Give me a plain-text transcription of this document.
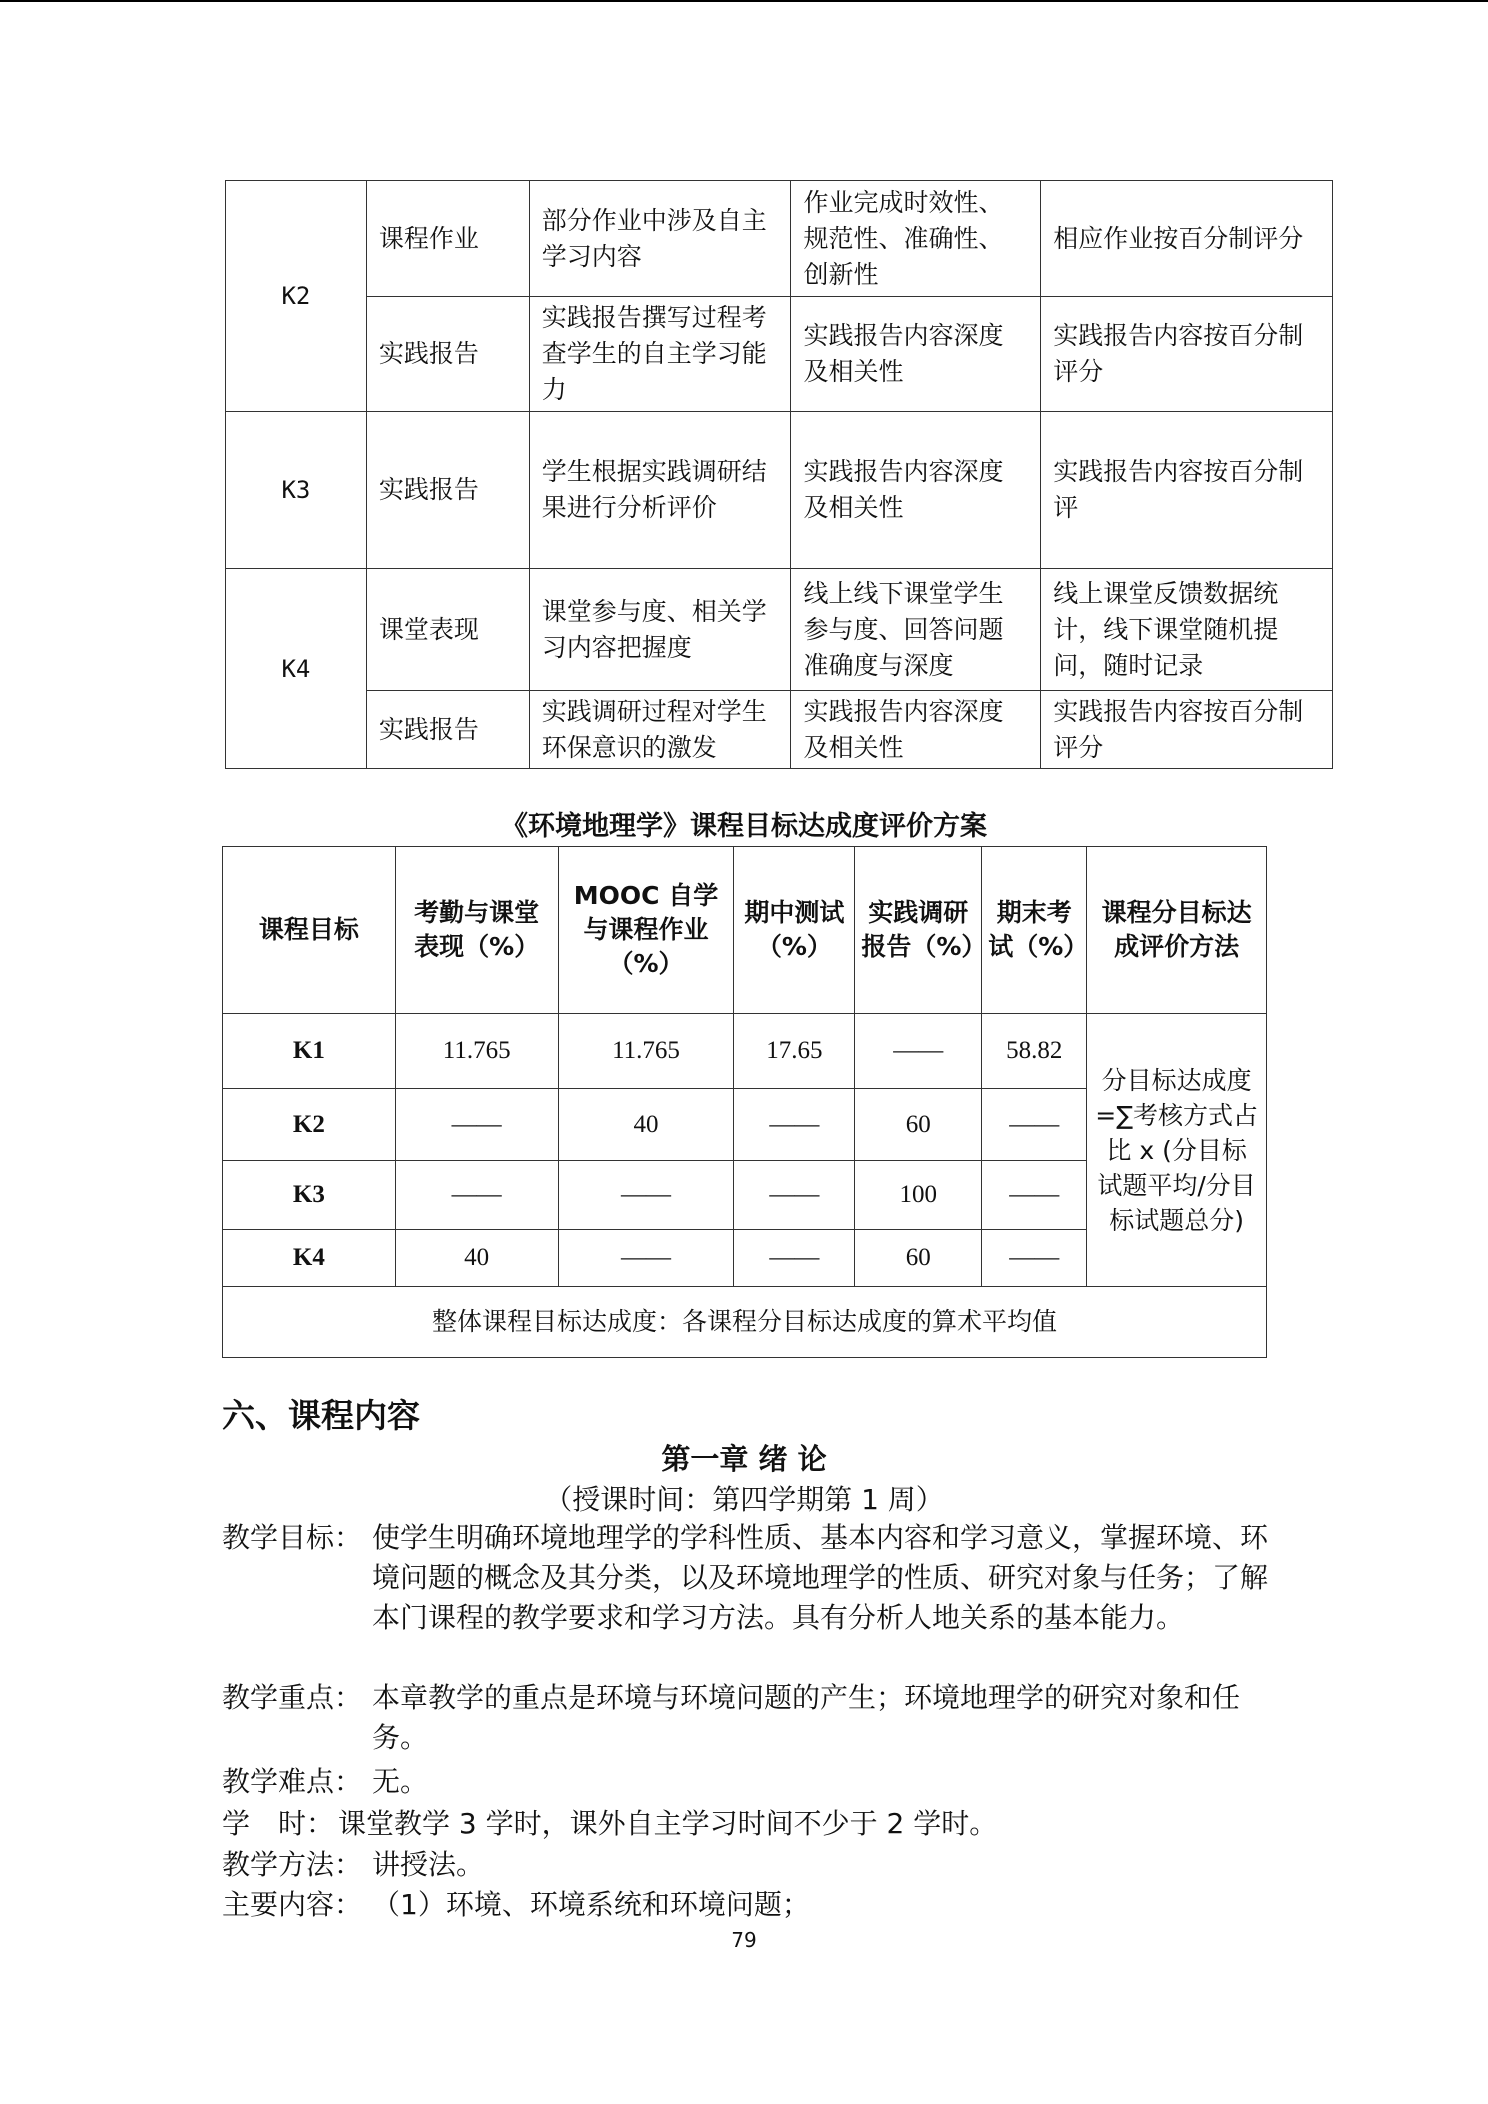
K2	课程作业	部分作业中涉及自主学习内容	作业完成时效性、规范性、准确性、创新性	相应作业按百分制评分
	实践报告	实践报告撰写过程考查学生的自主学习能力	实践报告内容深度及相关性	实践报告内容按百分制评分
K3	实践报告	学生根据实践调研结果进行分析评价	实践报告内容深度及相关性	实践报告内容按百分制评
K4	课堂表现	课堂参与度、相关学习内容把握度	线上线下课堂学生参与度、回答问题准确度与深度	线上课堂反馈数据统计，线下课堂随机提问，随时记录
	实践报告	实践调研过程对学生环保意识的激发	实践报告内容深度及相关性	实践报告内容按百分制评分
《环境地理学》课程目标达成度评价方案
课程目标	考勤与课堂表现（%）	MOOC 自学与课程作业（%）	期中测试（%）	实践调研报告（%）	期末考试（%）	课程分目标达成评价方法
K1	11.765	11.765	17.65	——	58.82	分目标达成度=∑考核方式占比 x (分目标试题平均/分目标试题总分)
K2	——	40	——	60	——	
K3	——	——	——	100	——	
K4	40	——	——	60	——	
整体课程目标达成度：各课程分目标达成度的算术平均值						
六、课程内容
第一章 绪 论
（授课时间：第四学期第 1 周）
教学目标： 使学生明确环境地理学的学科性质、基本内容和学习意义，掌握环境、环境问题的概念及其分类，以及环境地理学的性质、研究对象与任务；了解本门课程的教学要求和学习方法。具有分析人地关系的基本能力。
教学重点： 本章教学的重点是环境与环境问题的产生；环境地理学的研究对象和任务。
教学难点： 无。
学　时： 课堂教学 3 学时，课外自主学习时间不少于 2 学时。
教学方法： 讲授法。
主要内容： （1）环境、环境系统和环境问题；
79
